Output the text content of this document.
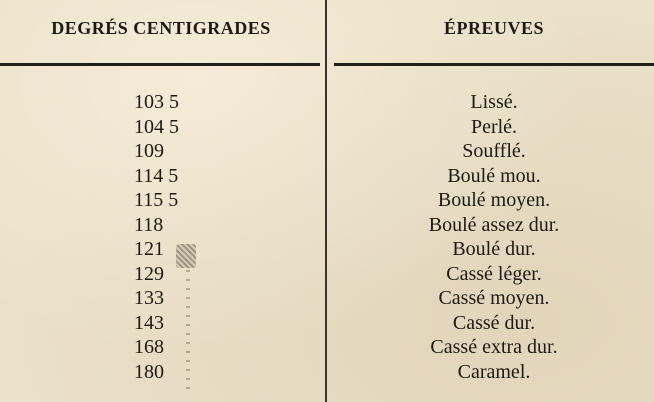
DEGRÉS CENTIGRADES	ÉPREUVES
103 5	Lissé.
104 5	Perlé.
109	Soufflé.
114 5	Boulé mou.
115 5	Boulé moyen.
118	Boulé assez dur.
121	Boulé dur.
129	Cassé léger.
133	Cassé moyen.
143	Cassé dur.
168	Cassé extra dur.
180	Caramel.
